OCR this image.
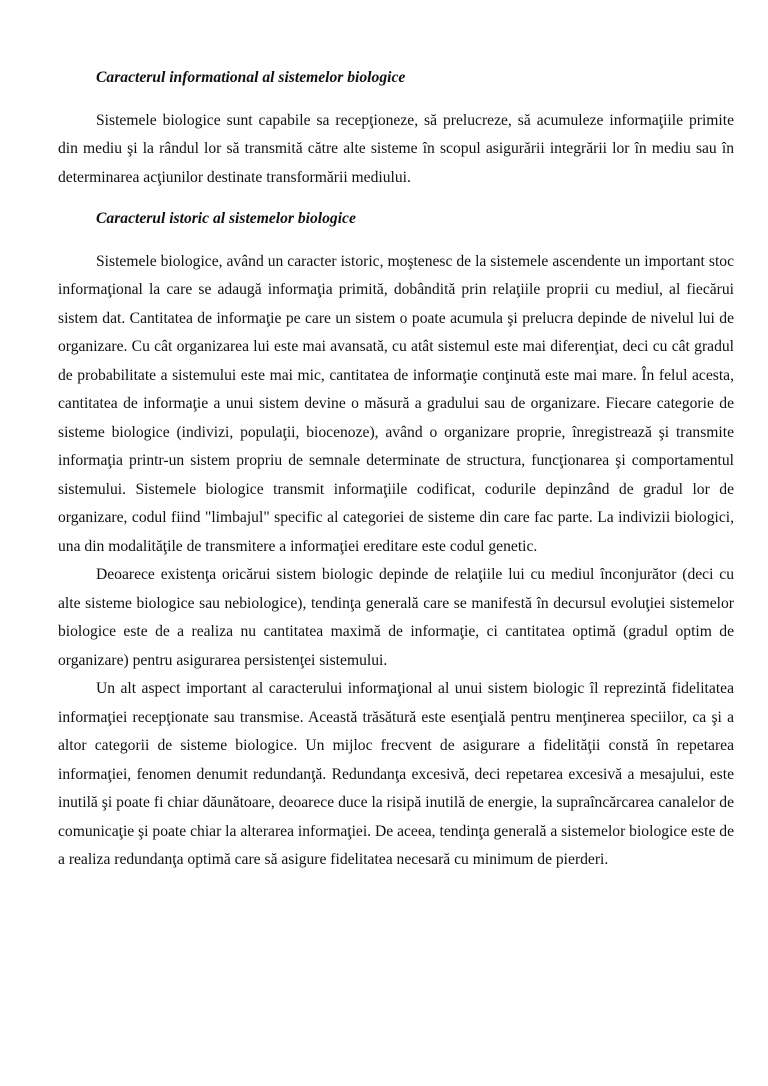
Caracterul informational al sistemelor biologice

Sistemele biologice sunt capabile sa recepţioneze, să prelucreze, să acumuleze informaţiile primite din mediu şi la rândul lor să transmită către alte sisteme în scopul asigurării integrării lor în mediu sau în determinarea acţiunilor destinate transformării mediului.

Caracterul istoric al sistemelor biologice

Sistemele biologice, având un caracter istoric, moştenesc de la sistemele ascendente un important stoc informaţional la care se adaugă informaţia primită, dobândită prin relaţiile proprii cu mediul, al fiecărui sistem dat. Cantitatea de informaţie pe care un sistem o poate acumula şi prelucra depinde de nivelul lui de organizare. Cu cât organizarea lui este mai avansată, cu atât sistemul este mai diferenţiat, deci cu cât gradul de probabilitate a sistemului este mai mic, cantitatea de informaţie conţinută este mai mare. În felul acesta, cantitatea de informaţie a unui sistem devine o măsură a gradului sau de organizare. Fiecare categorie de sisteme biologice (indivizi, populaţii, biocenoze), având o organizare proprie, înregistrează şi transmite informaţia printr-un sistem propriu de semnale determinate de structura, funcţionarea şi comportamentul sistemului. Sistemele biologice transmit informaţiile codificat, codurile depinzând de gradul lor de organizare, codul fiind "limbajul" specific al categoriei de sisteme din care fac parte. La indivizii biologici, una din modalităţile de transmitere a informaţiei ereditare este codul genetic.

Deoarece existenţa oricărui sistem biologic depinde de relaţiile lui cu mediul înconjurător (deci cu alte sisteme biologice sau nebiologice), tendinţa generală care se manifestă în decursul evoluţiei sistemelor biologice este de a realiza nu cantitatea maximă de informaţie, ci cantitatea optimă (gradul optim de organizare) pentru asigurarea persistenţei sistemului.

Un alt aspect important al caracterului informaţional al unui sistem biologic îl reprezintă fidelitatea informaţiei recepţionate sau transmise. Această trăsătură este esenţială pentru menţinerea speciilor, ca şi a altor categorii de sisteme biologice. Un mijloc frecvent de asigurare a fidelităţii constă în repetarea informaţiei, fenomen denumit redundanţă. Redundanţa excesivă, deci repetarea excesivă a mesajului, este inutilă şi poate fi chiar dăunătoare, deoarece duce la risipă inutilă de energie, la supraîncărcarea canalelor de comunicaţie şi poate chiar la alterarea informaţiei. De aceea, tendinţa generală a sistemelor biologice este de a realiza redundanţa optimă care să asigure fidelitatea necesară cu minimum de pierderi.
